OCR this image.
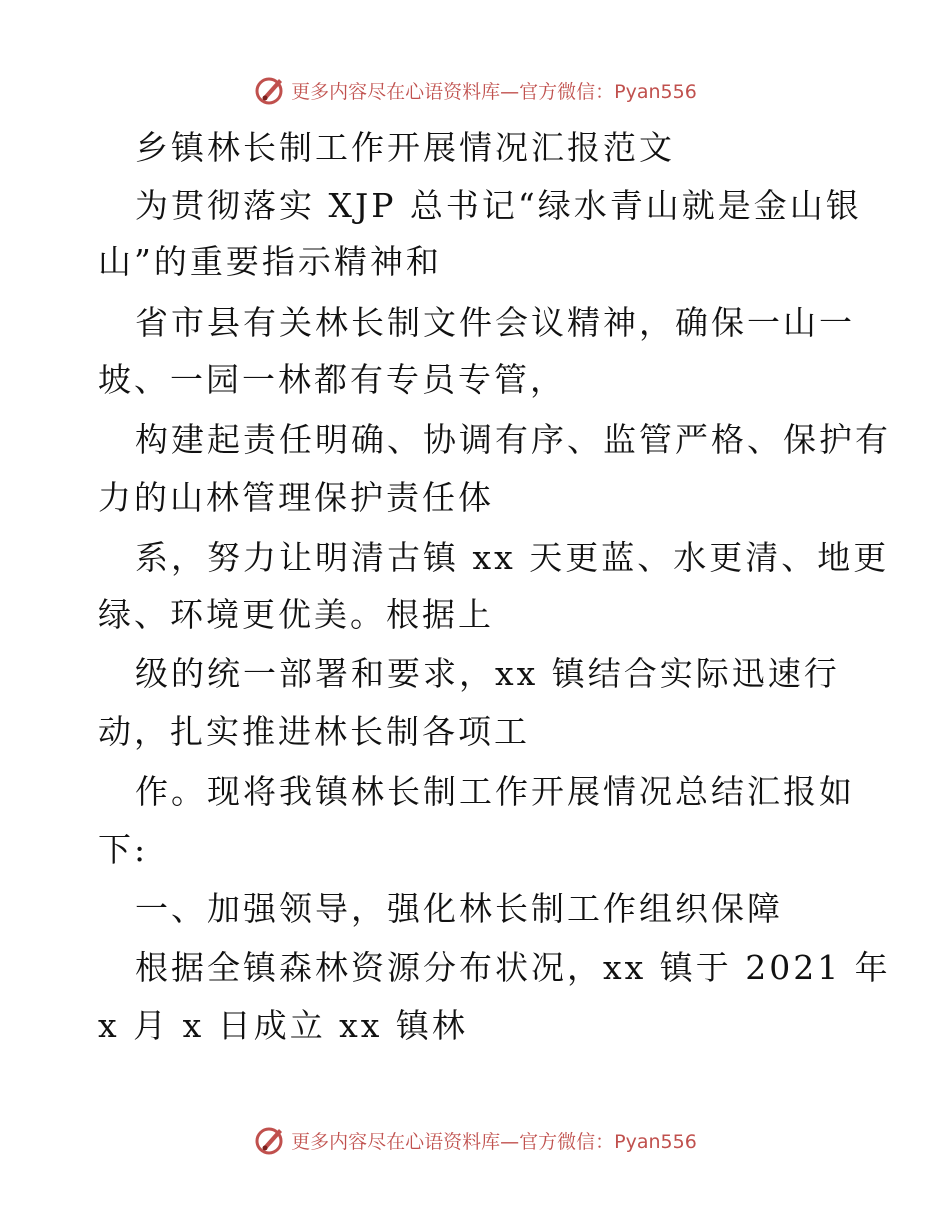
更多内容尽在心语资料库—官方微信：Pyan556
乡镇林长制工作开展情况汇报范文
为贯彻落实 XJP 总书记“绿水青山就是金山银
山”的重要指示精神和
省市县有关林长制文件会议精神，确保一山一
坡、一园一林都有专员专管，
构建起责任明确、协调有序、监管严格、保护有
力的山林管理保护责任体
系，努力让明清古镇 xx 天更蓝、水更清、地更
绿、环境更优美。根据上
级的统一部署和要求，xx 镇结合实际迅速行
动，扎实推进林长制各项工
作。现将我镇林长制工作开展情况总结汇报如
下:
一、加强领导，强化林长制工作组织保障
根据全镇森林资源分布状况，xx 镇于 2021 年
x 月 x 日成立 xx 镇林
更多内容尽在心语资料库—官方微信：Pyan556
